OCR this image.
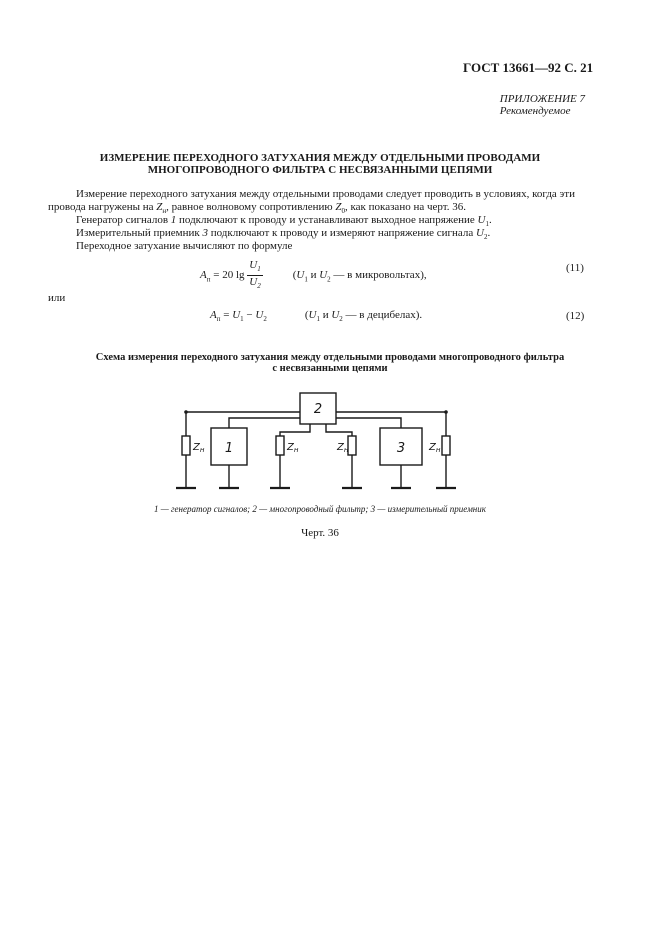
ГОСТ 13661—92 С. 21
ПРИЛОЖЕНИЕ 7
Рекомендуемое
ИЗМЕРЕНИЕ ПЕРЕХОДНОГО ЗАТУХАНИЯ МЕЖДУ ОТДЕЛЬНЫМИ ПРОВОДАМИ
МНОГОПРОВОДНОГО ФИЛЬТРА С НЕСВЯЗАННЫМИ ЦЕПЯМИ
Измерение переходного затухания между отдельными проводами следует проводить в условиях, когда эти
провода нагружены на $Z_н$, равное волновому сопротивлению $Z_0$, как показано на черт. 36.
Генератор сигналов 1 подключают к проводу и устанавливают выходное напряжение $U_1$.
Измерительный приемник 3 подключают к проводу и измеряют напряжение сигнала $U_2$.
Переходное затухание вычисляют по формуле
$A_п = 20$ $\lg \frac{U_1}{U_2}$	($U_1$ и $U_2$ — в микровольтах),
(11)
или
$A_п = U_1 - U_2$	($U_1$ и $U_2$ — в децибелах).	(12)
Схема измерения переходного затухания между отдельными проводами многопроводного фильтра
с несвязанными цепями
2
1	3
$Z_н$	$Z_н$	$Z_н$	$Z_н$
1 — генератор сигналов; 2 — многопроводный фильтр; 3 — измерительный приемник
Черт. 36
